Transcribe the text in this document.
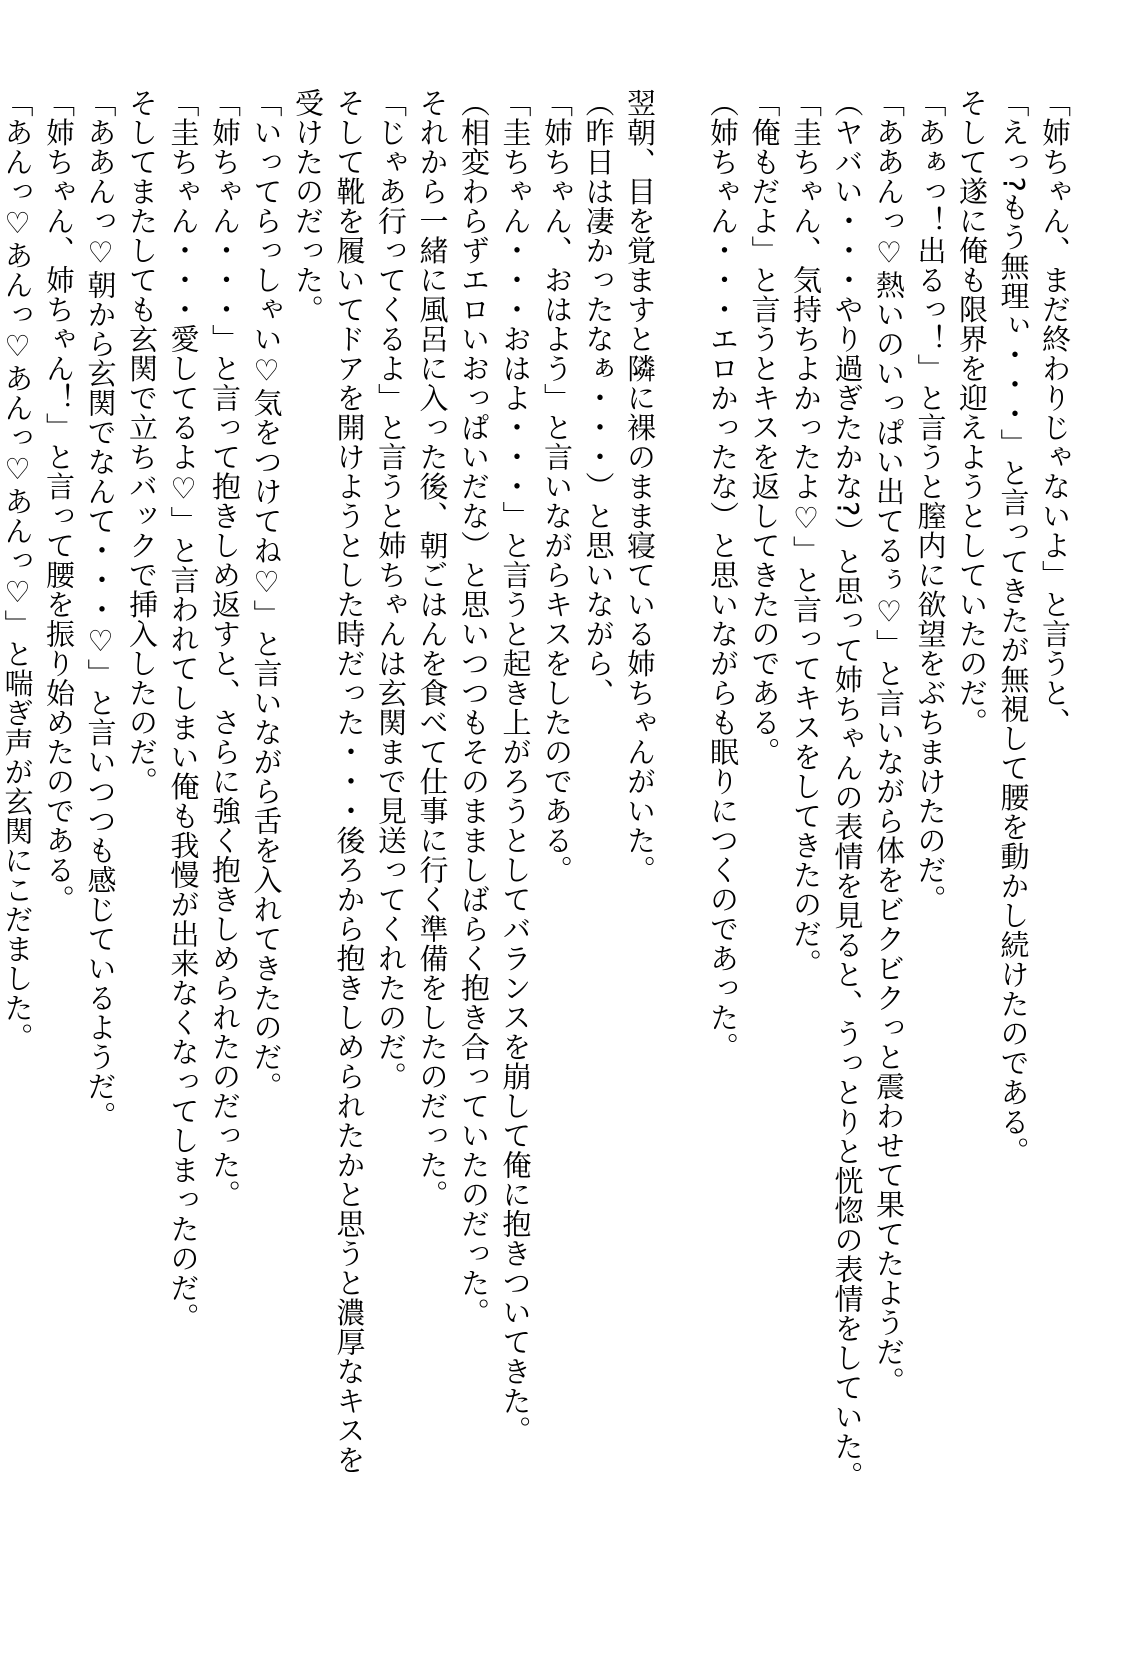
「姉ちゃん、まだ終わりじゃないよ」と言うと、
「えっ?もう無理ぃ・・・」と言ってきたが無視して腰を動かし続けたのである。
そして遂に俺も限界を迎えようとしていたのだ。
「あぁっ！出るっ！」と言うと膣内に欲望をぶちまけたのだ。
「ああんっ♡熱いのいっぱい出てるぅ♡」と言いながら体をビクビクっと震わせて果てたようだ。
（ヤバい・・・やり過ぎたかな?）と思って姉ちゃんの表情を見ると、うっとりと恍惚の表情をしていた。
「圭ちゃん、気持ちよかったよ♡」と言ってキスをしてきたのだ。
「俺もだよ」と言うとキスを返してきたのである。
（姉ちゃん・・・エロかったな）と思いながらも眠りにつくのであった。

翌朝、目を覚ますと隣に裸のまま寝ている姉ちゃんがいた。
（昨日は凄かったなぁ・・・）と思いながら、
「姉ちゃん、おはよう」と言いながらキスをしたのである。
「圭ちゃん・・・おはよ・・・」と言うと起き上がろうとしてバランスを崩して俺に抱きついてきた。
（相変わらずエロいおっぱいだな）と思いつつもそのまましばらく抱き合っていたのだった。
それから一緒に風呂に入った後、朝ごはんを食べて仕事に行く準備をしたのだった。
「じゃあ行ってくるよ」と言うと姉ちゃんは玄関まで見送ってくれたのだ。
そして靴を履いてドアを開けようとした時だった・・・後ろから抱きしめられたかと思うと濃厚なキスを
受けたのだった。
「いってらっしゃい♡気をつけてね♡」と言いながら舌を入れてきたのだ。
「姉ちゃん・・・」と言って抱きしめ返すと、さらに強く抱きしめられたのだった。
「圭ちゃん・・・愛してるよ♡」と言われてしまい俺も我慢が出来なくなってしまったのだ。
そしてまたしても玄関で立ちバックで挿入したのだ。
「ああんっ♡朝から玄関でなんて・・・♡」と言いつつも感じているようだ。
「姉ちゃん、姉ちゃん！」と言って腰を振り始めたのである。
「あんっ♡あんっ♡あんっ♡あんっ♡」と喘ぎ声が玄関にこだました。
